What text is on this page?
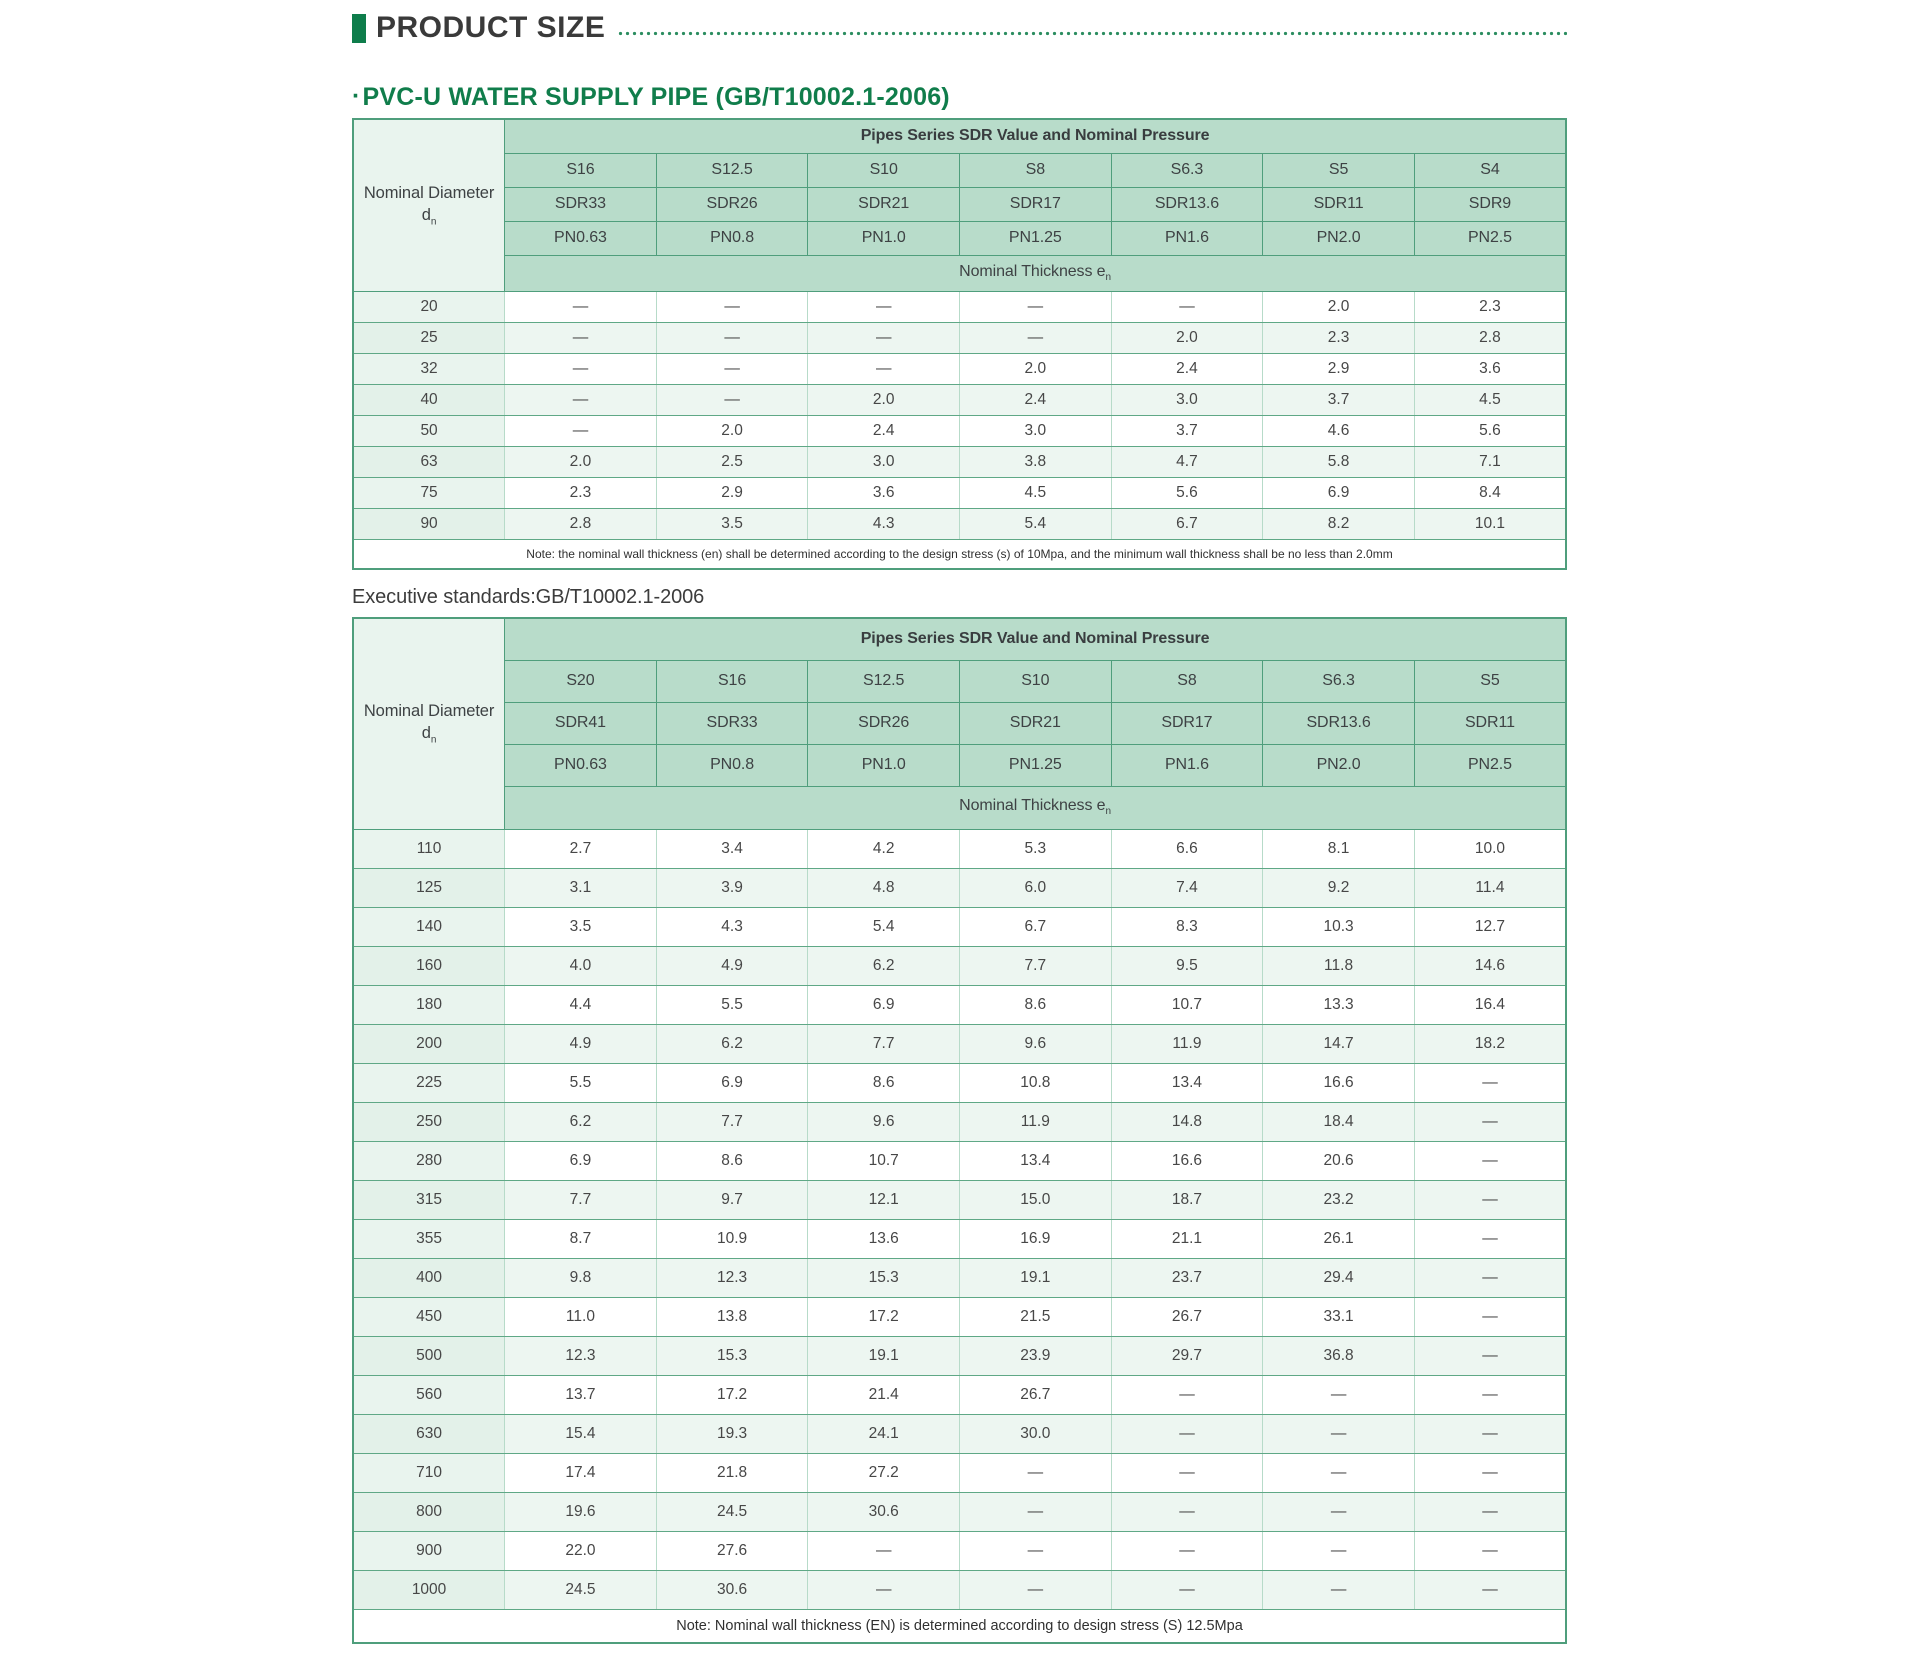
PRODUCT SIZE
·PVC-U WATER SUPPLY PIPE (GB/T10002.1-2006)
Nominal Diameter
$d_n$	Pipes Series SDR Value and Nominal Pressure						
	S16	S12.5	S10	S8	S6.3	S5	S4
	SDR33	SDR26	SDR21	SDR17	SDR13.6	SDR11	SDR9
	PN0.63	PN0.8	PN1.0	PN1.25	PN1.6	PN2.0	PN2.5
	Nominal Thickness $e_n$
20	—	—	—	—	—	2.0	2.3
25	—	—	—	—	2.0	2.3	2.8
32	—	—	—	2.0	2.4	2.9	3.6
40	—	—	2.0	2.4	3.0	3.7	4.5
50	—	2.0	2.4	3.0	3.7	4.6	5.6
63	2.0	2.5	3.0	3.8	4.7	5.8	7.1
75	2.3	2.9	3.6	4.5	5.6	6.9	8.4
90	2.8	3.5	4.3	5.4	6.7	8.2	10.1
Note: the nominal wall thickness (en) shall be determined according to the design stress (s) of 10Mpa, and the minimum wall thickness shall be no less than 2.0mm							

Executive standards:GB/T10002.1-2006

Nominal Diameter
$d_n$	Pipes Series SDR Value and Nominal Pressure						
	S20	S16	S12.5	S10	S8	S6.3	S5
	SDR41	SDR33	SDR26	SDR21	SDR17	SDR13.6	SDR11
	PN0.63	PN0.8	PN1.0	PN1.25	PN1.6	PN2.0	PN2.5
	Nominal Thickness $e_n$
110	2.7	3.4	4.2	5.3	6.6	8.1	10.0
125	3.1	3.9	4.8	6.0	7.4	9.2	11.4
140	3.5	4.3	5.4	6.7	8.3	10.3	12.7
160	4.0	4.9	6.2	7.7	9.5	11.8	14.6
180	4.4	5.5	6.9	8.6	10.7	13.3	16.4
200	4.9	6.2	7.7	9.6	11.9	14.7	18.2
225	5.5	6.9	8.6	10.8	13.4	16.6	—
250	6.2	7.7	9.6	11.9	14.8	18.4	—
280	6.9	8.6	10.7	13.4	16.6	20.6	—
315	7.7	9.7	12.1	15.0	18.7	23.2	—
355	8.7	10.9	13.6	16.9	21.1	26.1	—
400	9.8	12.3	15.3	19.1	23.7	29.4	—
450	11.0	13.8	17.2	21.5	26.7	33.1	—
500	12.3	15.3	19.1	23.9	29.7	36.8	—
560	13.7	17.2	21.4	26.7	—	—	—
630	15.4	19.3	24.1	30.0	—	—	—
710	17.4	21.8	27.2	—	—	—	—
800	19.6	24.5	30.6	—	—	—	—
900	22.0	27.6	—	—	—	—	—
1000	24.5	30.6	—	—	—	—	—
Note: Nominal wall thickness (EN) is determined according to design stress (S) 12.5Mpa							
